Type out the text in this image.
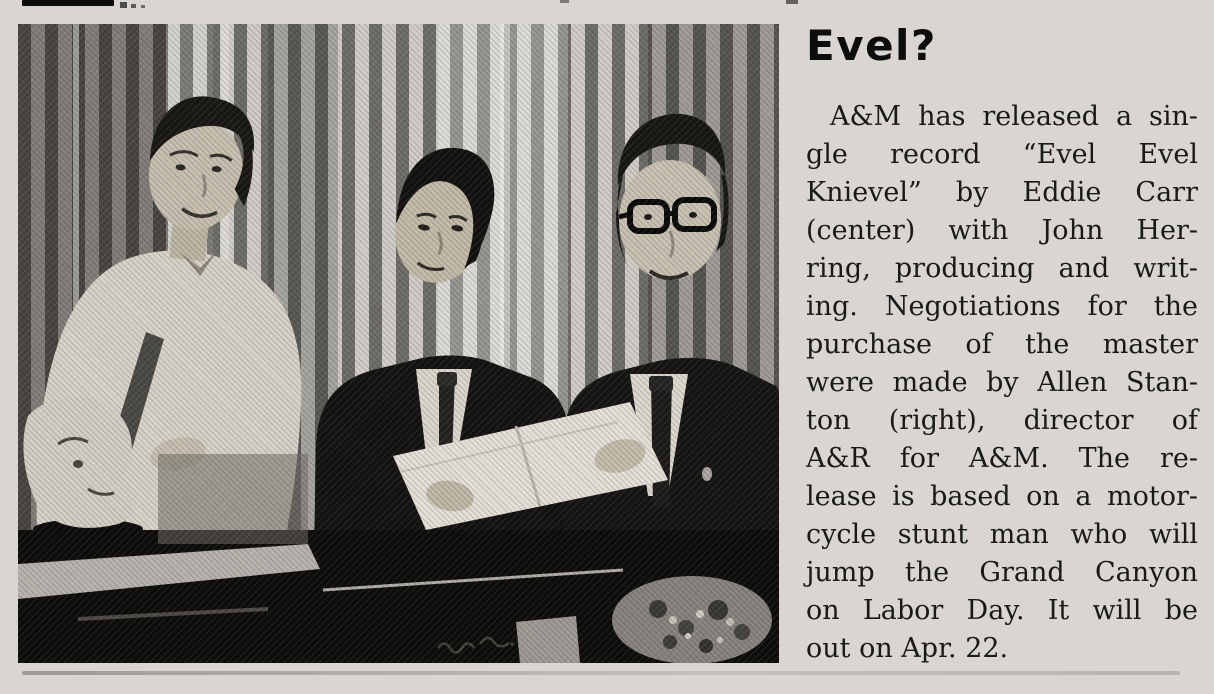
Evel?
A&M has released a sin-
gle record “Evel Evel
Knievel” by Eddie Carr
(center) with John Her-
ring, producing and writ-
ing. Negotiations for the
purchase of the master
were made by Allen Stan-
ton (right), director of
A&R for A&M. The re-
lease is based on a motor-
cycle stunt man who will
jump the Grand Canyon
on Labor Day. It will be
out on Apr. 22.
